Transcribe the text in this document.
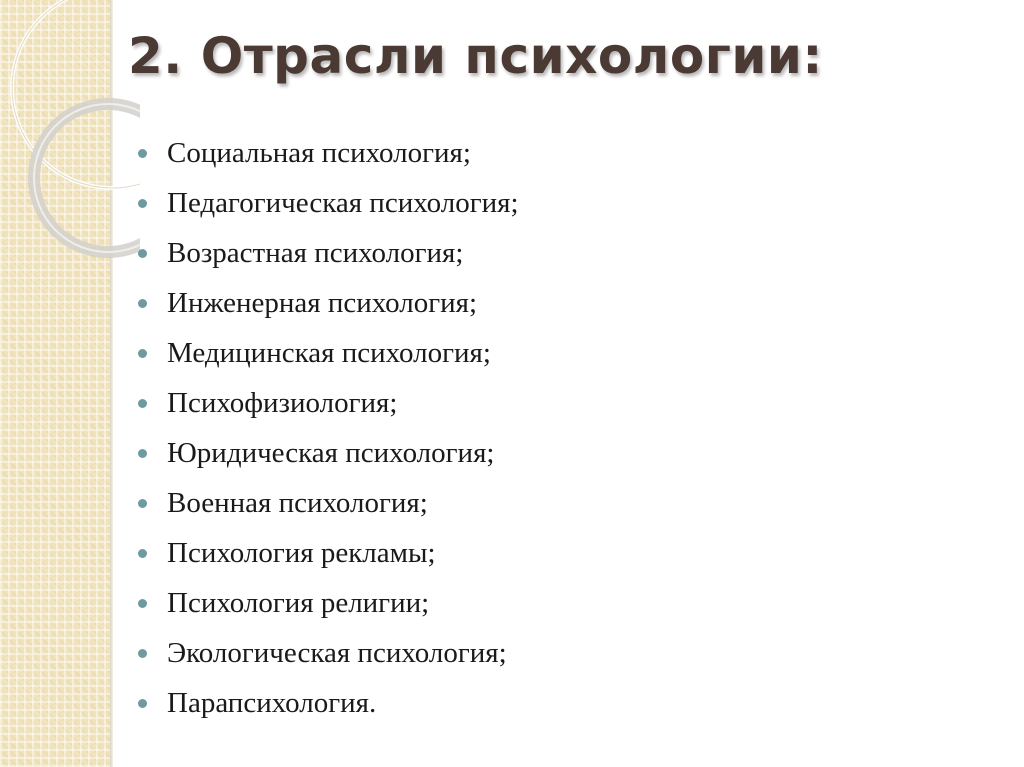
2. Отрасли психологии:
Социальная психология;
Педагогическая психология;
Возрастная психология;
Инженерная психология;
Медицинская психология;
Психофизиология;
Юридическая психология;
Военная психология;
Психология рекламы;
Психология религии;
Экологическая психология;
Парапсихология.
